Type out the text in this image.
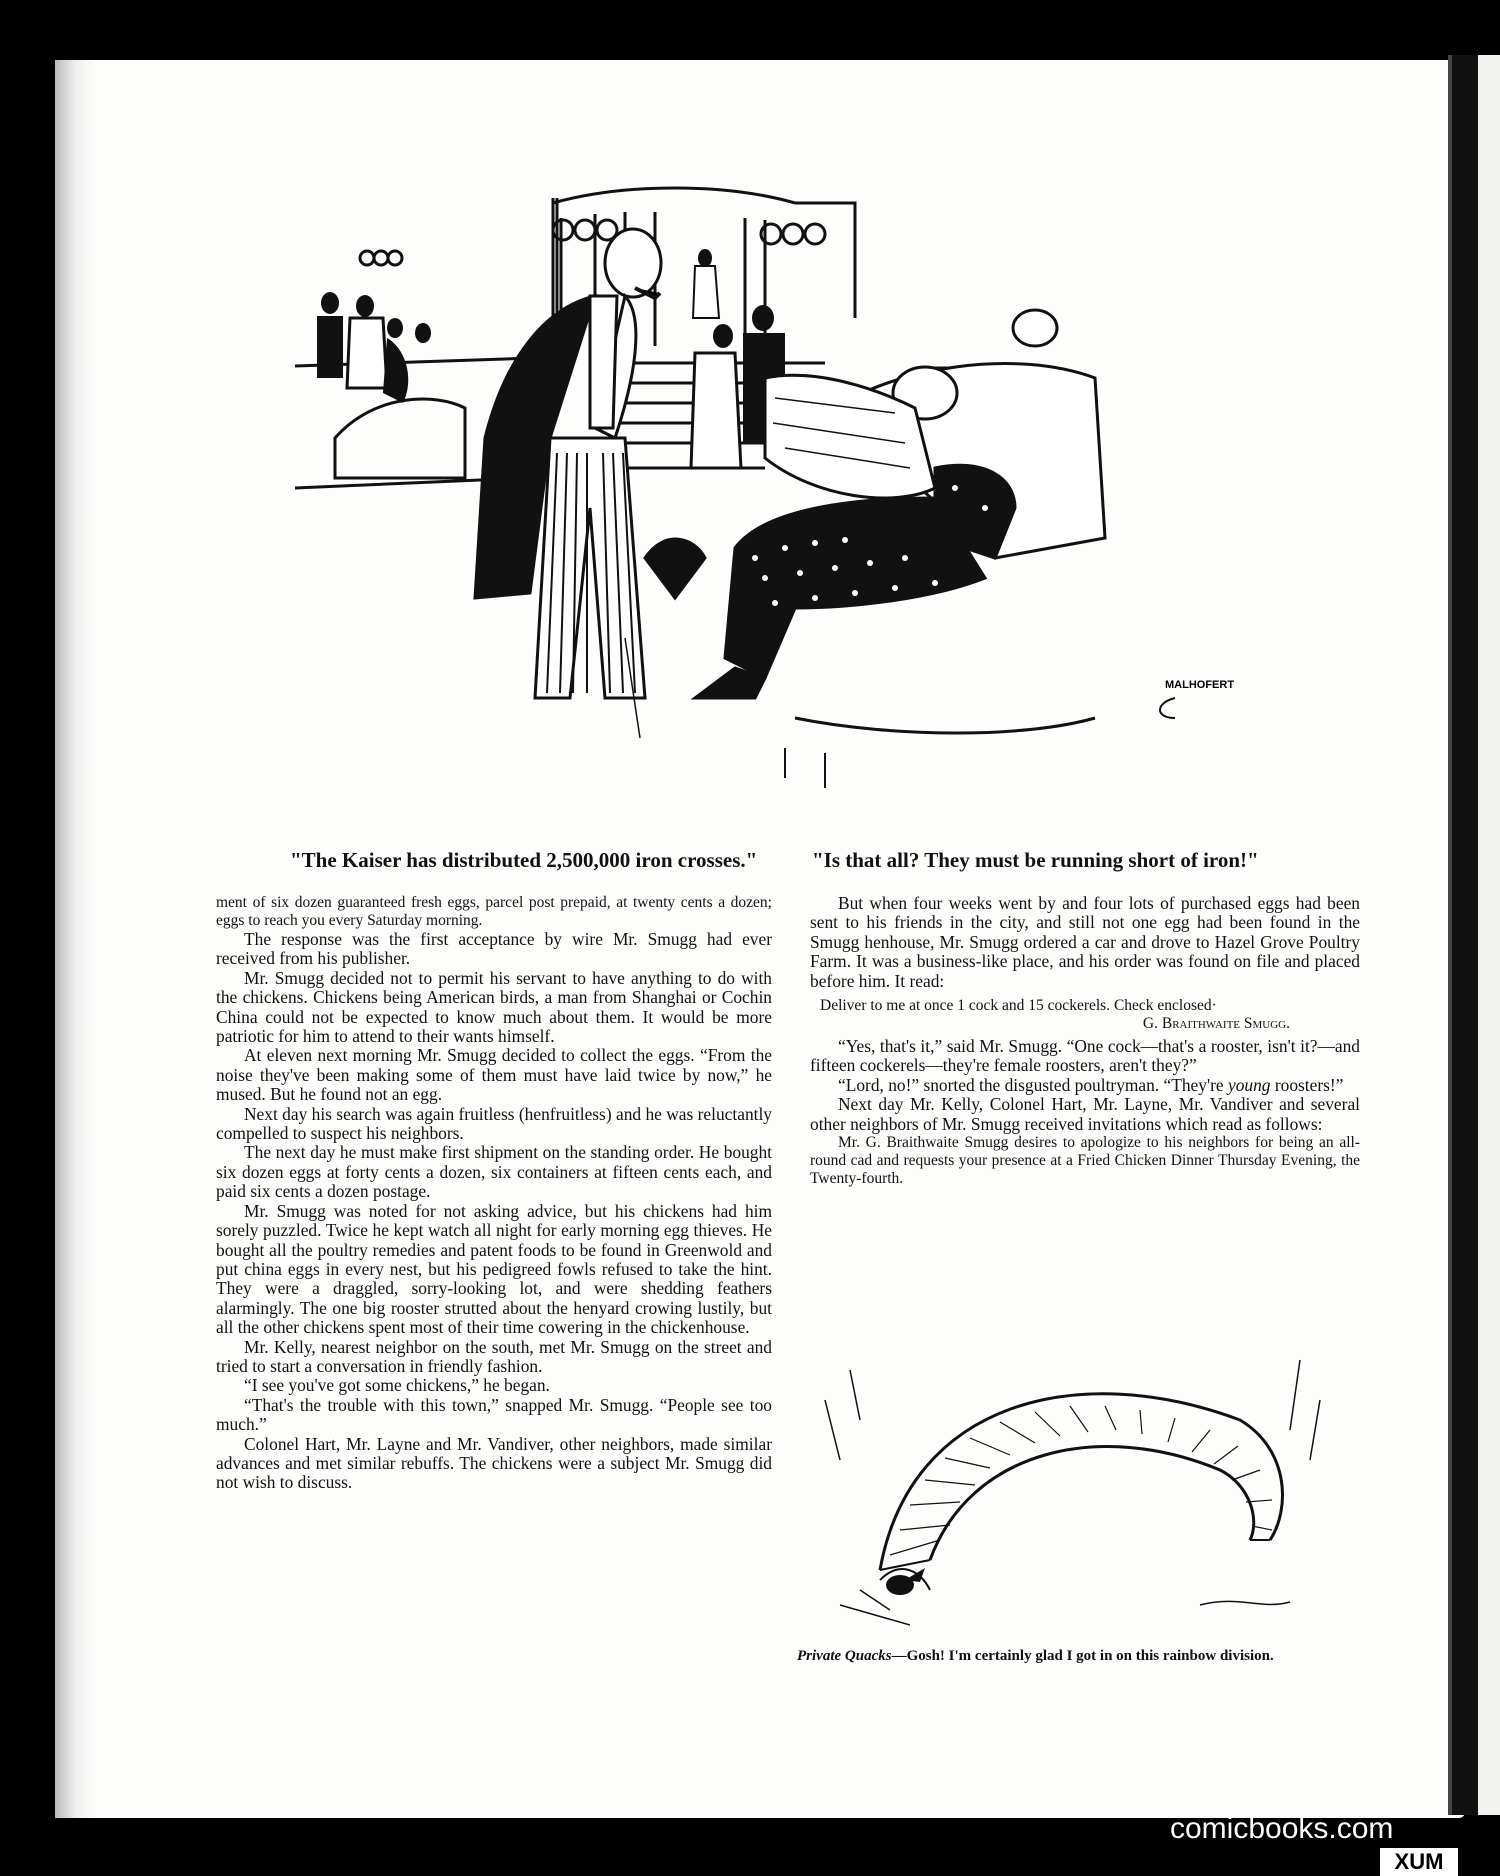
MALHOFERT
"The Kaiser has distributed 2,500,000 iron crosses."	"Is that all? They must be running short of iron!"

ment of six dozen guaranteed fresh eggs, parcel post prepaid, at twenty cents a dozen; eggs to reach you every Saturday morning.

The response was the first acceptance by wire Mr. Smugg had ever received from his publisher.

Mr. Smugg decided not to permit his servant to have anything to do with the chickens. Chickens being American birds, a man from Shanghai or Cochin China could not be expected to know much about them. It would be more patriotic for him to attend to their wants himself.

At eleven next morning Mr. Smugg decided to collect the eggs. “From the noise they've been making some of them must have laid twice by now,” he mused. But he found not an egg.

Next day his search was again fruitless (henfruitless) and he was reluctantly compelled to suspect his neighbors.

The next day he must make first shipment on the standing order. He bought six dozen eggs at forty cents a dozen, six containers at fifteen cents each, and paid six cents a dozen postage.

Mr. Smugg was noted for not asking advice, but his chickens had him sorely puzzled. Twice he kept watch all night for early morning egg thieves. He bought all the poultry remedies and patent foods to be found in Greenwold and put china eggs in every nest, but his pedigreed fowls refused to take the hint. They were a draggled, sorry-looking lot, and were shedding feathers alarmingly. The one big rooster strutted about the henyard crowing lustily, but all the other chickens spent most of their time cowering in the chickenhouse.

Mr. Kelly, nearest neighbor on the south, met Mr. Smugg on the street and tried to start a conversation in friendly fashion.

“I see you've got some chickens,” he began.

“That's the trouble with this town,” snapped Mr. Smugg. “People see too much.”

Colonel Hart, Mr. Layne and Mr. Vandiver, other neighbors, made similar advances and met similar rebuffs. The chickens were a subject Mr. Smugg did not wish to discuss.

But when four weeks went by and four lots of purchased eggs had been sent to his friends in the city, and still not one egg had been found in the Smugg henhouse, Mr. Smugg ordered a car and drove to Hazel Grove Poultry Farm. It was a business-like place, and his order was found on file and placed before him. It read:

Deliver to me at once 1 cock and 15 cockerels. Check enclosed·
G. Braithwaite Smugg.

“Yes, that's it,” said Mr. Smugg. “One cock—that's a rooster, isn't it?—and fifteen cockerels—they're female roosters, aren't they?”

“Lord, no!” snorted the disgusted poultryman. “They're young roosters!”

Next day Mr. Kelly, Colonel Hart, Mr. Layne, Mr. Vandiver and several other neighbors of Mr. Smugg received invitations which read as follows:

Mr. G. Braithwaite Smugg desires to apologize to his neighbors for being an all-round cad and requests your presence at a Fried Chicken Dinner Thursday Evening, the Twenty-fourth.

Private Quacks—Gosh! I'm certainly glad I got in on this rainbow division.
comicbooks.com
XUM
